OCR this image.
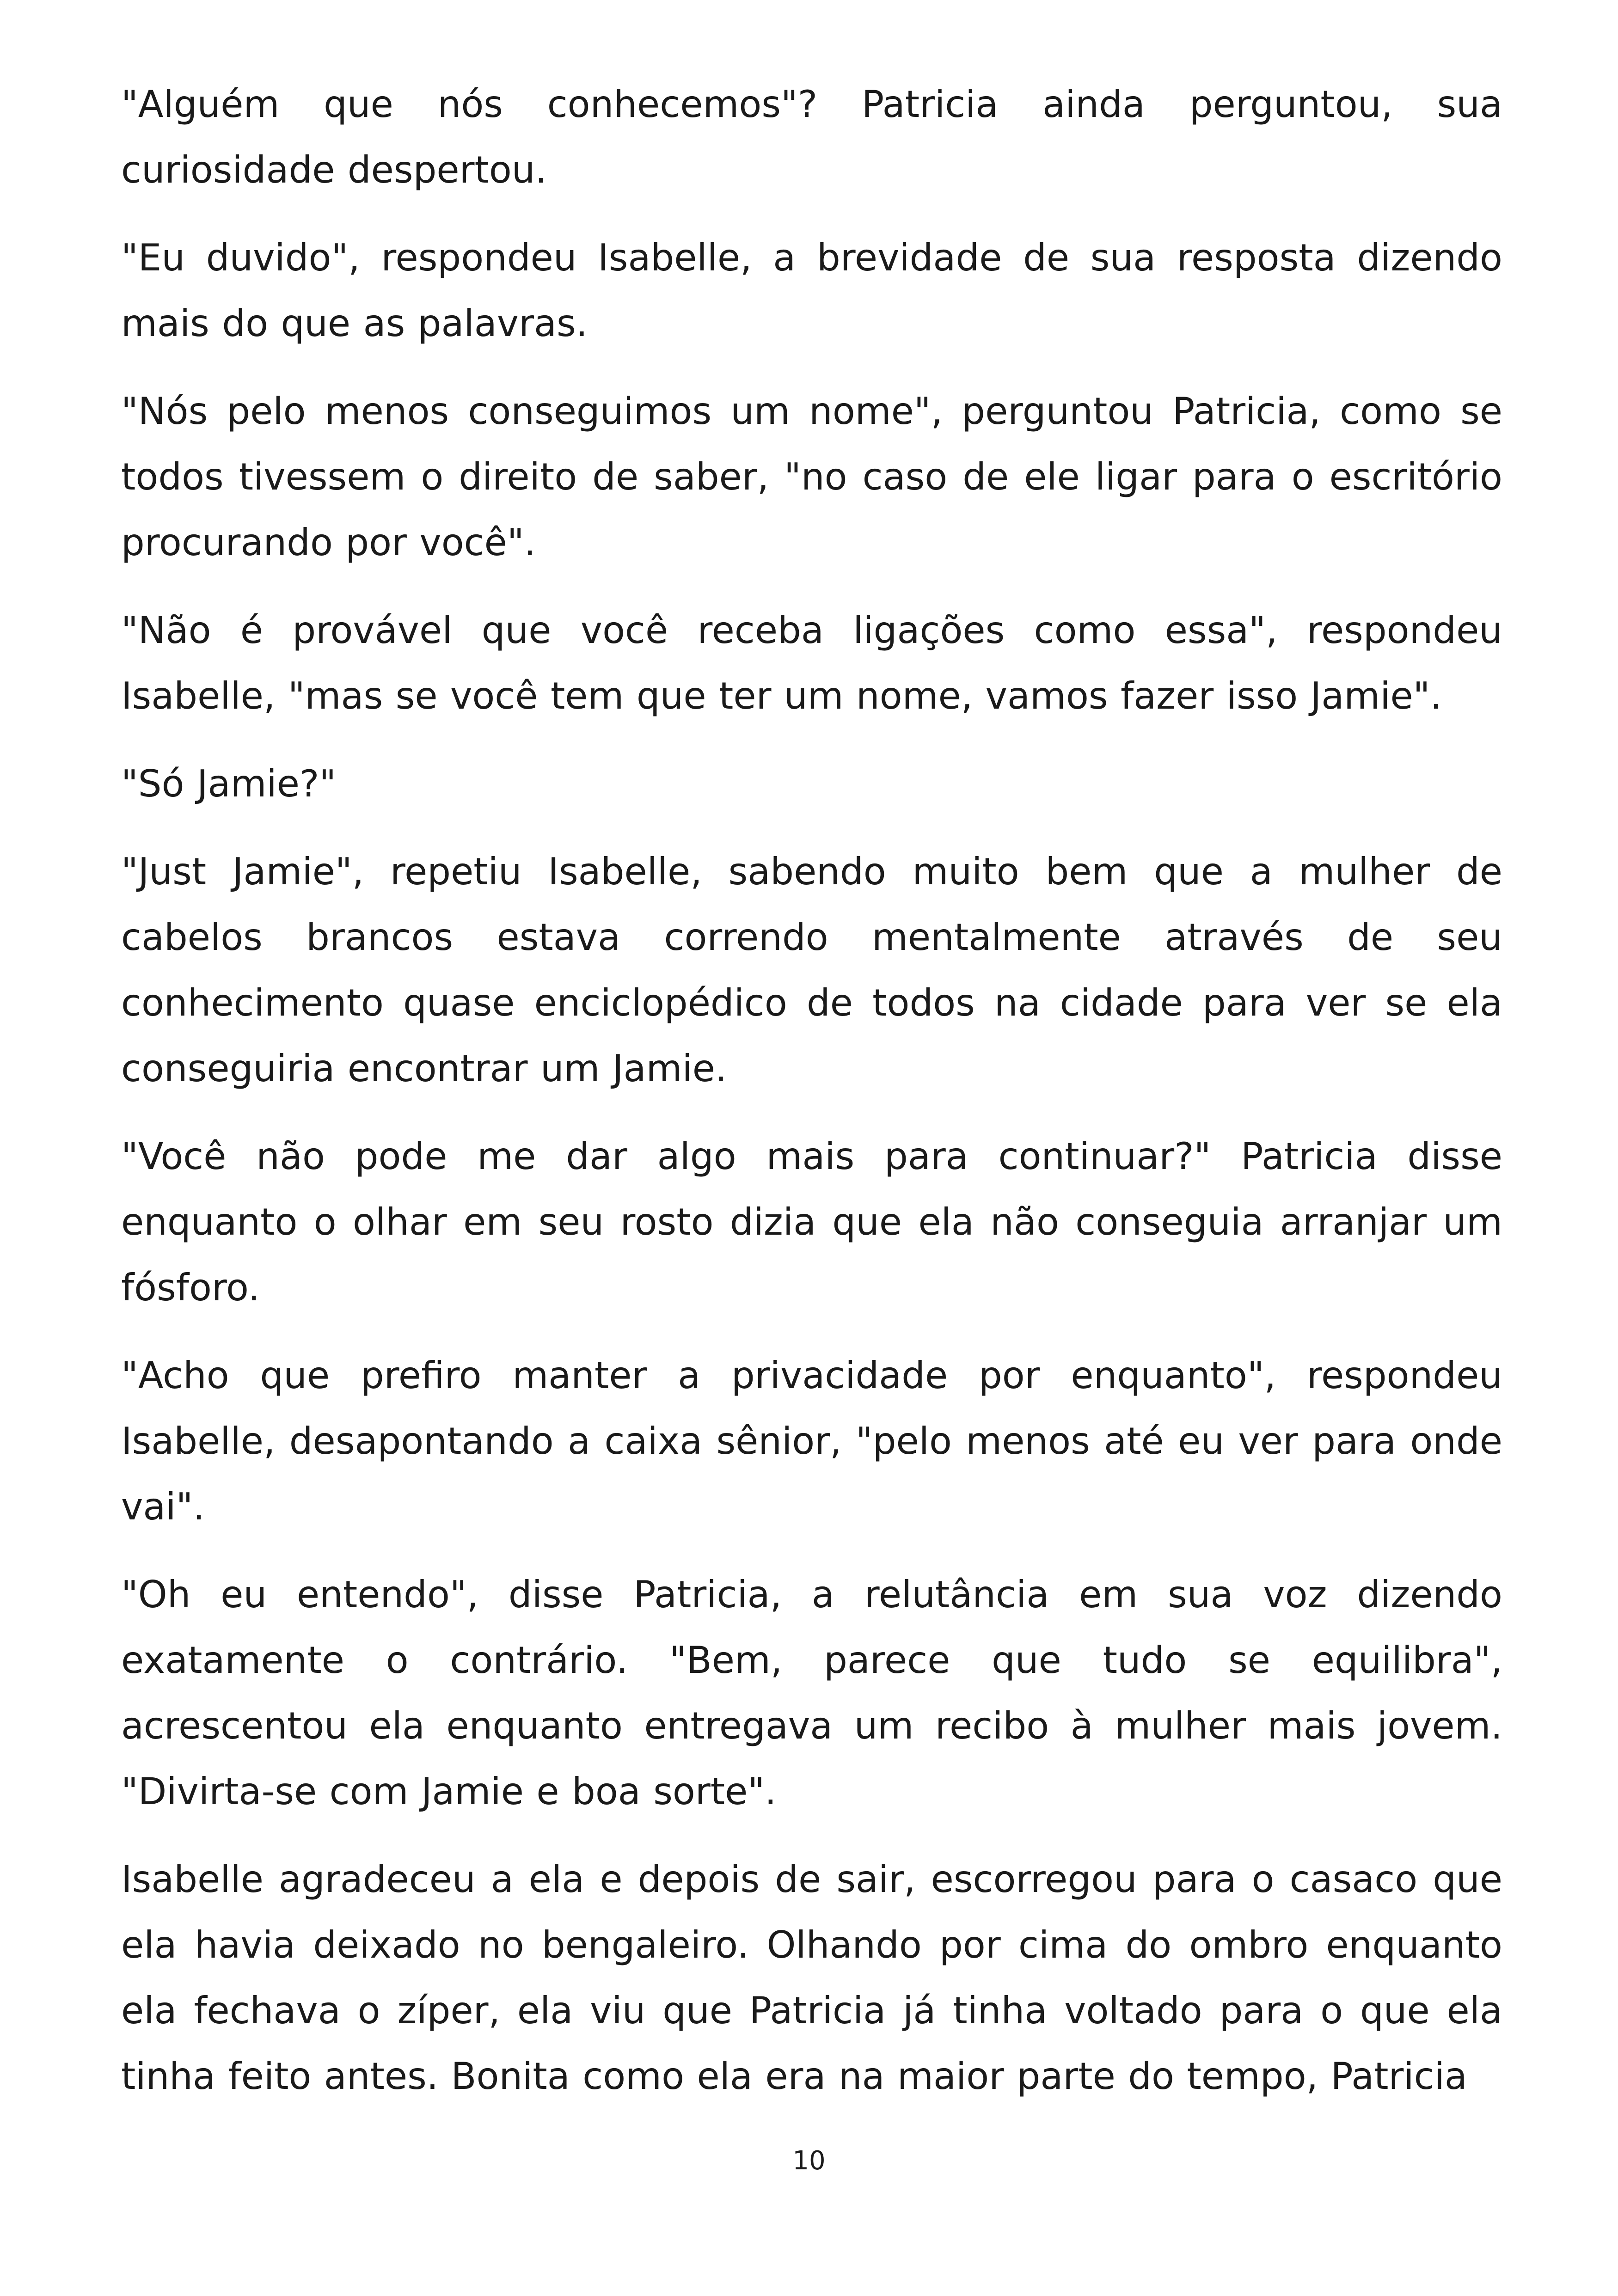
"Alguém que nós conhecemos"? Patricia ainda perguntou, sua curiosidade despertou.

"Eu duvido", respondeu Isabelle, a brevidade de sua resposta dizendo mais do que as palavras.

"Nós pelo menos conseguimos um nome", perguntou Patricia, como se todos tivessem o direito de saber, "no caso de ele ligar para o escritório procurando por você".

"Não é provável que você receba ligações como essa", respondeu Isabelle, "mas se você tem que ter um nome, vamos fazer isso Jamie".

"Só Jamie?"

"Just Jamie", repetiu Isabelle, sabendo muito bem que a mulher de cabelos brancos estava correndo mentalmente através de seu conhecimento quase enciclopédico de todos na cidade para ver se ela conseguiria encontrar um Jamie.

"Você não pode me dar algo mais para continuar?" Patricia disse enquanto o olhar em seu rosto dizia que ela não conseguia arranjar um fósforo.

"Acho que prefiro manter a privacidade por enquanto", respondeu Isabelle, desapontando a caixa sênior, "pelo menos até eu ver para onde vai".

"Oh eu entendo", disse Patricia, a relutância em sua voz dizendo exatamente o contrário. "Bem, parece que tudo se equilibra", acrescentou ela enquanto entregava um recibo à mulher mais jovem. "Divirta-se com Jamie e boa sorte".

Isabelle agradeceu a ela e depois de sair, escorregou para o casaco que ela havia deixado no bengaleiro. Olhando por cima do ombro enquanto ela fechava o zíper, ela viu que Patricia já tinha voltado para o que ela tinha feito antes. Bonita como ela era na maior parte do tempo, Patricia

10
